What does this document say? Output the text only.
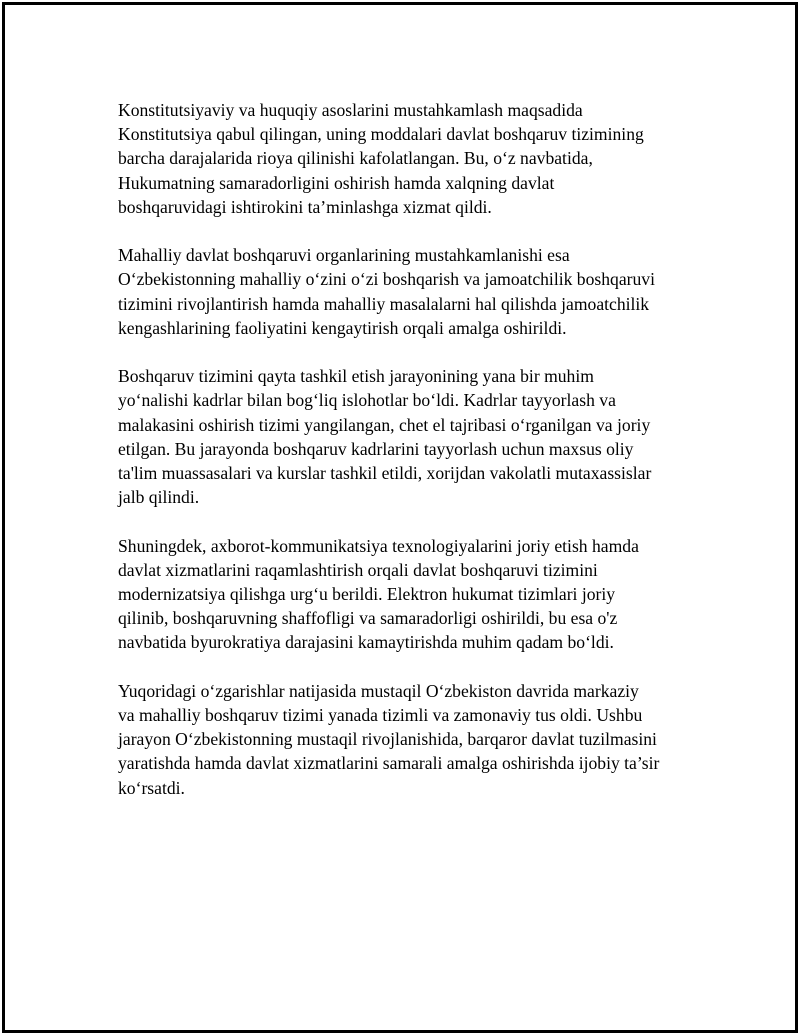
Konstitutsiyaviy va huquqiy asoslarini mustahkamlash maqsadida
Konstitutsiya qabul qilingan, uning moddalari davlat boshqaruv tizimining
barcha darajalarida rioya qilinishi kafolatlangan. Bu, o‘z navbatida,
Hukumatning samaradorligini oshirish hamda xalqning davlat
boshqaruvidagi ishtirokini ta’minlashga xizmat qildi.

Mahalliy davlat boshqaruvi organlarining mustahkamlanishi esa
O‘zbekistonning mahalliy o‘zini o‘zi boshqarish va jamoatchilik boshqaruvi
tizimini rivojlantirish hamda mahalliy masalalarni hal qilishda jamoatchilik
kengashlarining faoliyatini kengaytirish orqali amalga oshirildi.

Boshqaruv tizimini qayta tashkil etish jarayonining yana bir muhim
yo‘nalishi kadrlar bilan bog‘liq islohotlar bo‘ldi. Kadrlar tayyorlash va
malakasini oshirish tizimi yangilangan, chet el tajribasi o‘rganilgan va joriy
etilgan. Bu jarayonda boshqaruv kadrlarini tayyorlash uchun maxsus oliy
ta'lim muassasalari va kurslar tashkil etildi, xorijdan vakolatli mutaxassislar
jalb qilindi.

Shuningdek, axborot-kommunikatsiya texnologiyalarini joriy etish hamda
davlat xizmatlarini raqamlashtirish orqali davlat boshqaruvi tizimini
modernizatsiya qilishga urg‘u berildi. Elektron hukumat tizimlari joriy
qilinib, boshqaruvning shaffofligi va samaradorligi oshirildi, bu esa o'z
navbatida byurokratiya darajasini kamaytirishda muhim qadam bo‘ldi.

Yuqoridagi o‘zgarishlar natijasida mustaqil O‘zbekiston davrida markaziy
va mahalliy boshqaruv tizimi yanada tizimli va zamonaviy tus oldi. Ushbu
jarayon O‘zbekistonning mustaqil rivojlanishida, barqaror davlat tuzilmasini
yaratishda hamda davlat xizmatlarini samarali amalga oshirishda ijobiy ta’sir
ko‘rsatdi.
